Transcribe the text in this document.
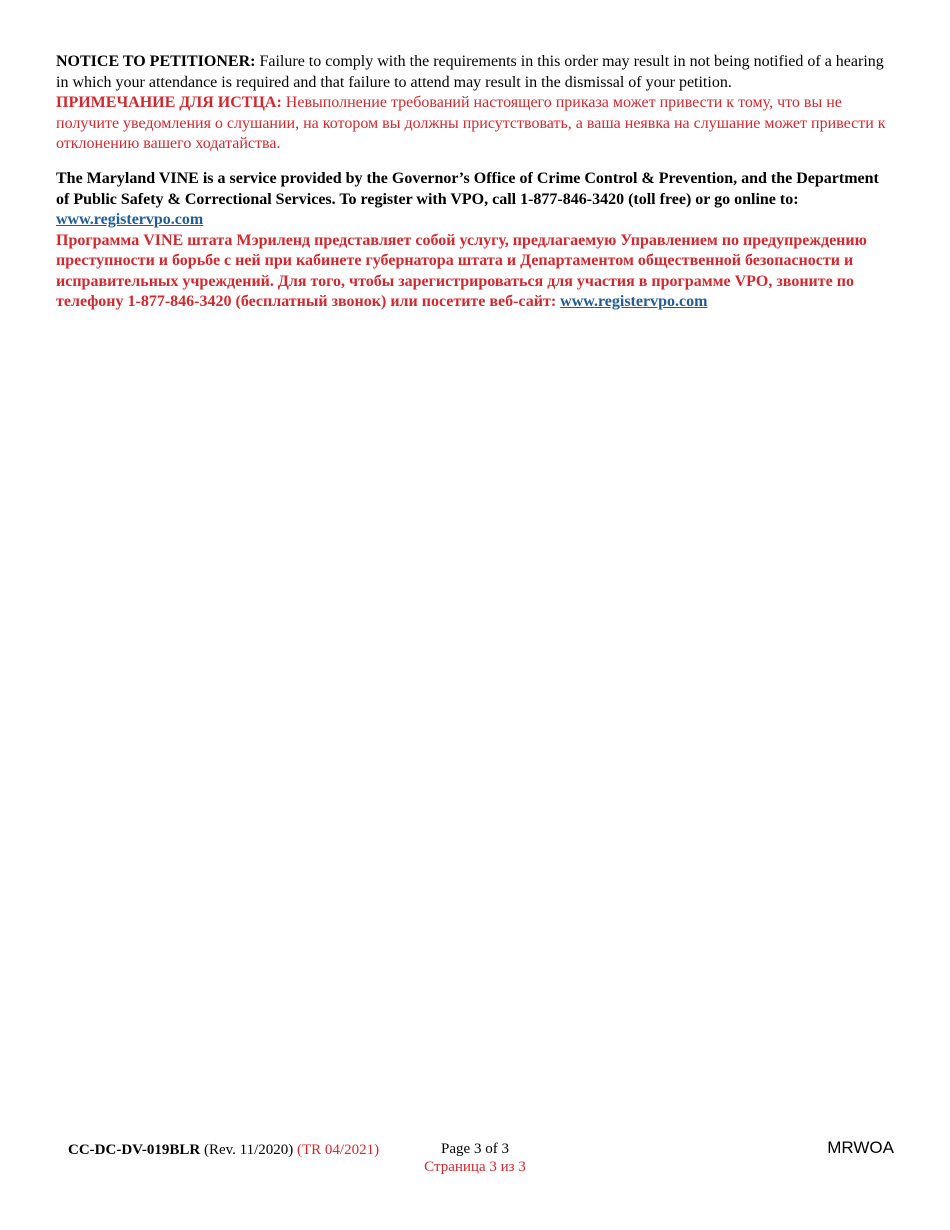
NOTICE TO PETITIONER: Failure to comply with the requirements in this order may result in not being notified of a hearing in which your attendance is required and that failure to attend may result in the dismissal of your petition.

ПРИМЕЧАНИЕ ДЛЯ ИСТЦА: Невыполнение требований настоящего приказа может привести к тому, что вы не получите уведомления о слушании, на котором вы должны присутствовать, а ваша неявка на слушание может привести к отклонению вашего ходатайства.

The Maryland VINE is a service provided by the Governor’s Office of Crime Control & Prevention, and the Department of Public Safety & Correctional Services. To register with VPO, call 1-877-846-3420 (toll free) or go online to: www.registervpo.com

Программа VINE штата Мэриленд представляет собой услугу, предлагаемую Управлением по предупреждению преступности и борьбе с ней при кабинете губернатора штата и Департаментом общественной безопасности и исправительных учреждений. Для того, чтобы зарегистрироваться для участия в программе VPO, звоните по телефону 1-877-846-3420 (бесплатный звонок) или посетите веб-сайт: www.registervpo.com

CC-DC-DV-019BLR (Rev. 11/2020) (TR 04/2021)	Page 3 of 3
Страница 3 из 3
MRWOA
